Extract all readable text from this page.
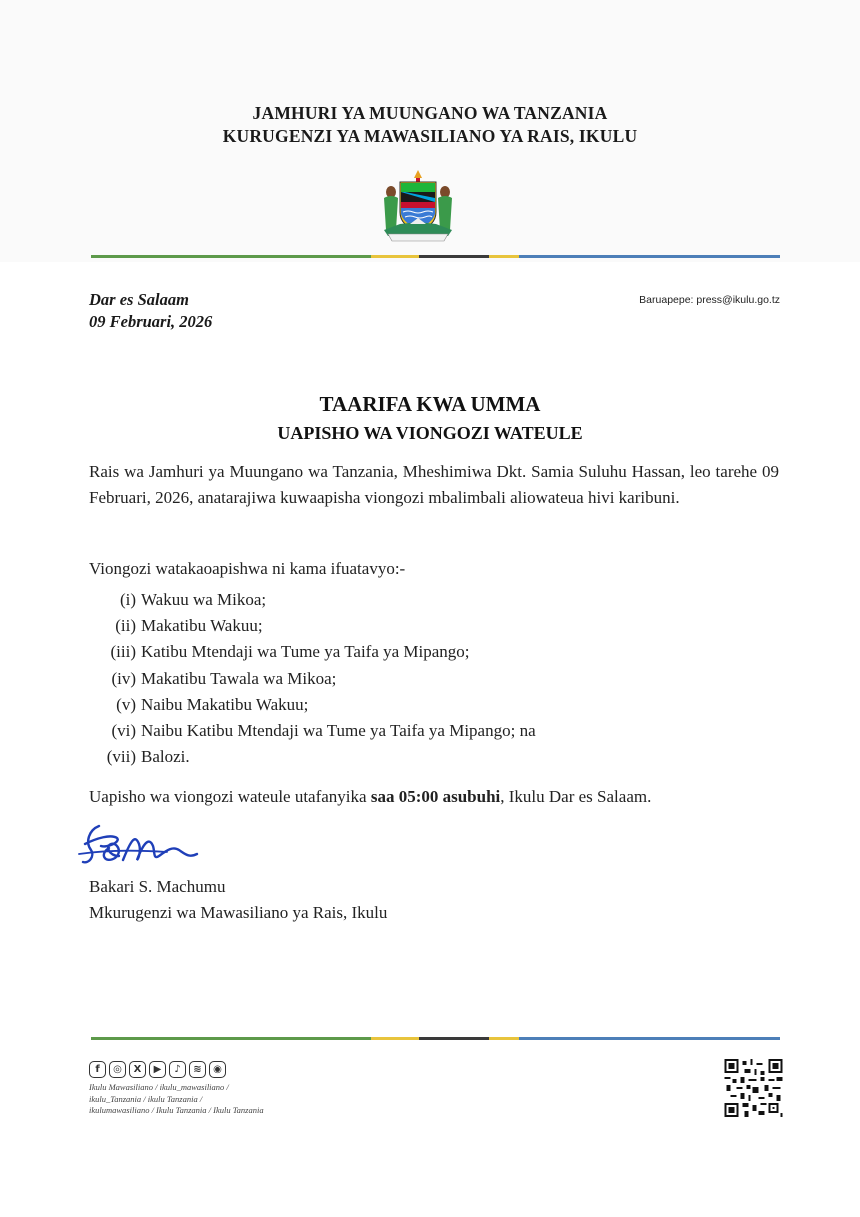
JAMHURI YA MUUNGANO WA TANZANIA
KURUGENZI YA MAWASILIANO YA RAIS, IKULU
Dar es Salaam
09 Februari, 2026
Baruapepe: press@ikulu.go.tz
TAARIFA KWA UMMA
UAPISHO WA VIONGOZI WATEULE
Rais wa Jamhuri ya Muungano wa Tanzania, Mheshimiwa Dkt. Samia Suluhu Hassan, leo tarehe 09 Februari, 2026, anatarajiwa kuwaapisha viongozi mbalimbali aliowateua hivi karibuni.
Viongozi watakaoapishwa ni kama ifuatavyo:-
(i) Wakuu wa Mikoa;
(ii) Makatibu Wakuu;
(iii) Katibu Mtendaji wa Tume ya Taifa ya Mipango;
(iv) Makatibu Tawala wa Mikoa;
(v) Naibu Makatibu Wakuu;
(vi) Naibu Katibu Mtendaji wa Tume ya Taifa ya Mipango; na
(vii) Balozi.
Uapisho wa viongozi wateule utafanyika saa 05:00 asubuhi, Ikulu Dar es Salaam.
Bakari S. Machumu
Mkurugenzi wa Mawasiliano ya Rais, Ikulu
f	◎	X	▶	♪	≋	◉
Ikulu Mawasiliano / ikulu_mawasiliano /
ikulu_Tanzania / ikulu Tanzania /
ikulumawasiliano / Ikulu Tanzania / Ikulu Tanzania
